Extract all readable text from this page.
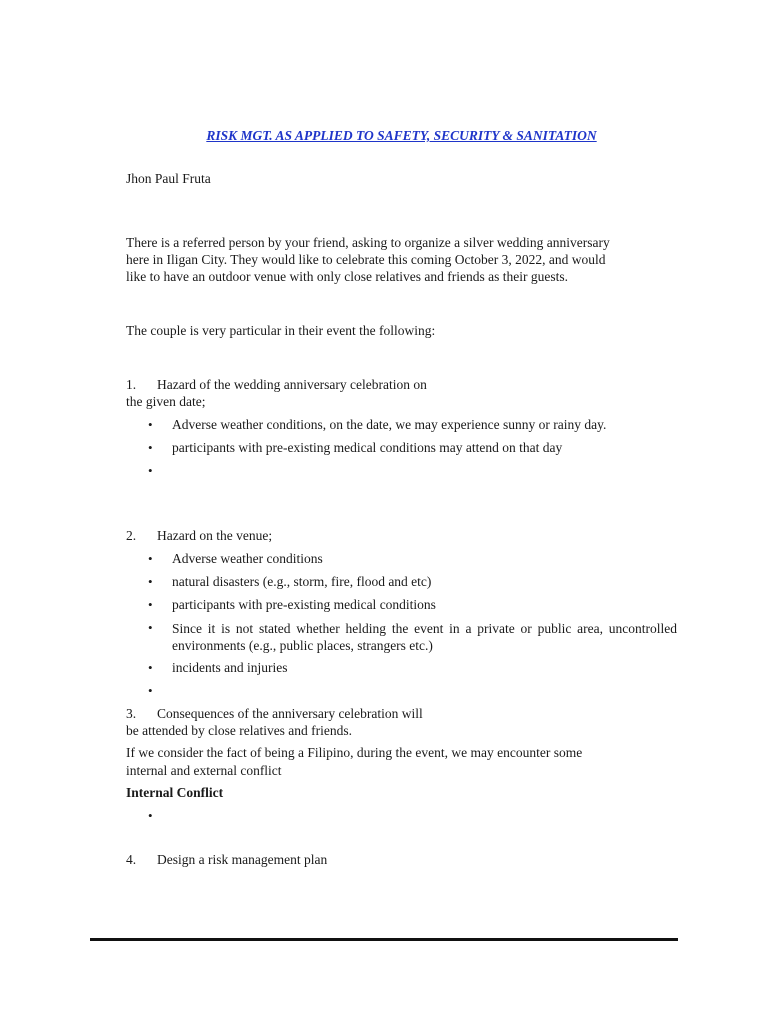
RISK MGT. AS APPLIED TO SAFETY, SECURITY & SANITATION
Jhon Paul Fruta
There is a referred person by your friend, asking to organize a silver wedding anniversary
here in Iligan City. They would like to celebrate this coming October 3, 2022, and would
like to have an outdoor venue with only close relatives and friends as their guests.
The couple is very particular in their event the following:
1. Hazard of the wedding anniversary celebration on
the given date;
• Adverse weather conditions, on the date, we may experience sunny or rainy day.
• participants with pre-existing medical conditions may attend on that day
•
2. Hazard on the venue;
• Adverse weather conditions
• natural disasters (e.g., storm, fire, flood and etc)
• participants with pre-existing medical conditions
• Since it is not stated whether helding the event in a private or public area, uncontrolled environments (e.g., public places, strangers etc.)
• incidents and injuries
•
3. Consequences of the anniversary celebration will
be attended by close relatives and friends.
If we consider the fact of being a Filipino, during the event, we may encounter some
internal and external conflict
Internal Conflict
•
4. Design a risk management plan
